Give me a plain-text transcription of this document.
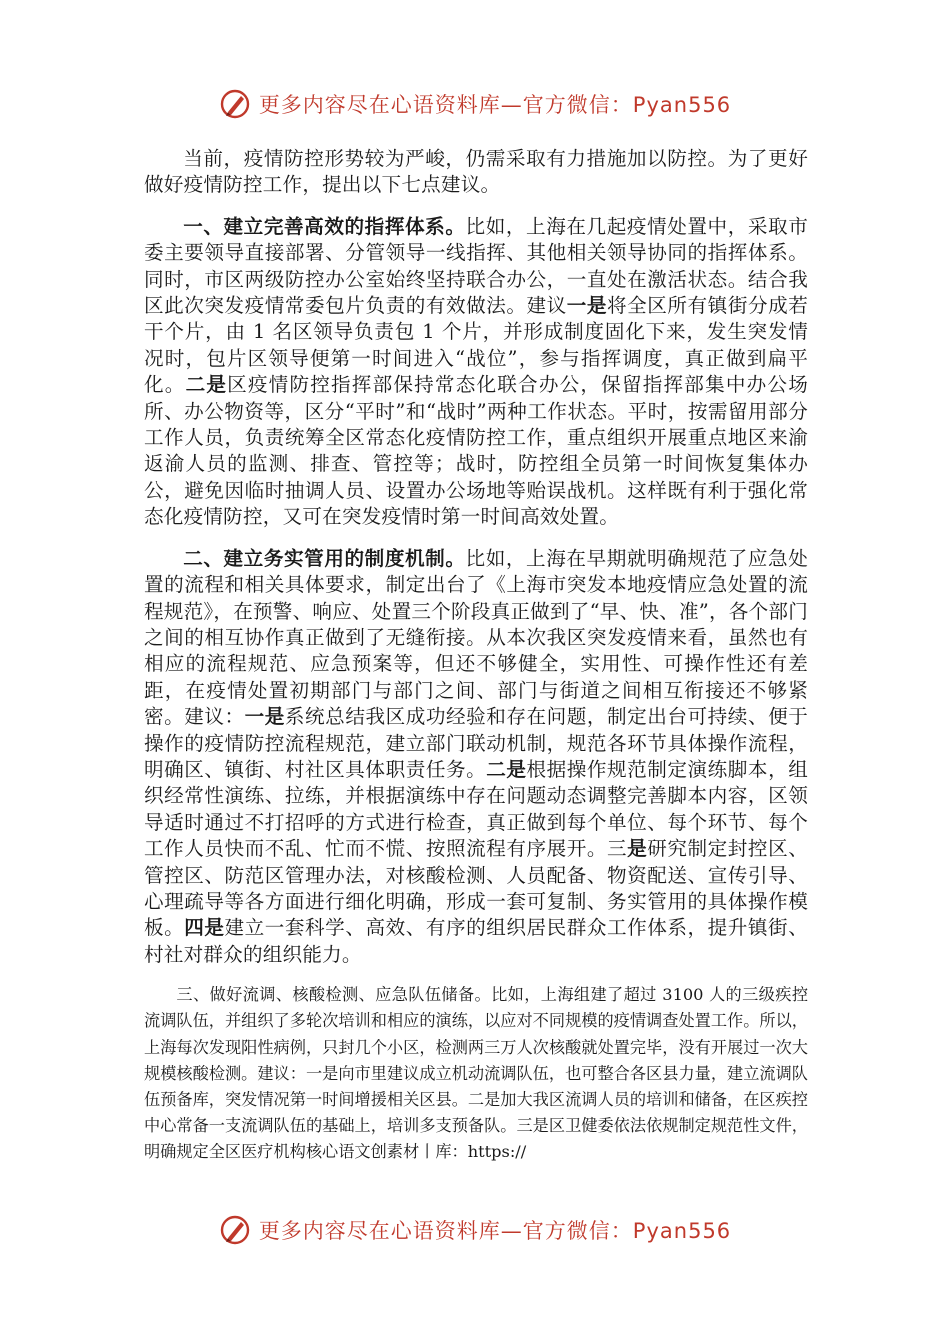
更多内容尽在心语资料库—官方微信：Pyan556

当前，疫情防控形势较为严峻，仍需采取有力措施加以防控。为了更好做好疫情防控工作，提出以下七点建议。

一、建立完善高效的指挥体系。比如，上海在几起疫情处置中，采取市委主要领导直接部署、分管领导一线指挥、其他相关领导协同的指挥体系。同时，市区两级防控办公室始终坚持联合办公，一直处在激活状态。结合我区此次突发疫情常委包片负责的有效做法。建议一是将全区所有镇街分成若干个片，由 1 名区领导负责包 1 个片，并形成制度固化下来，发生突发情况时，包片区领导便第一时间进入“战位”，参与指挥调度，真正做到扁平化。二是区疫情防控指挥部保持常态化联合办公，保留指挥部集中办公场所、办公物资等，区分“平时”和“战时”两种工作状态。平时，按需留用部分工作人员，负责统筹全区常态化疫情防控工作，重点组织开展重点地区来渝返渝人员的监测、排查、管控等；战时，防控组全员第一时间恢复集体办公，避免因临时抽调人员、设置办公场地等贻误战机。这样既有利于强化常态化疫情防控，又可在突发疫情时第一时间高效处置。

二、建立务实管用的制度机制。比如，上海在早期就明确规范了应急处置的流程和相关具体要求，制定出台了《上海市突发本地疫情应急处置的流程规范》，在预警、响应、处置三个阶段真正做到了“早、快、准”，各个部门之间的相互协作真正做到了无缝衔接。从本次我区突发疫情来看，虽然也有相应的流程规范、应急预案等，但还不够健全，实用性、可操作性还有差距，在疫情处置初期部门与部门之间、部门与街道之间相互衔接还不够紧密。建议：一是系统总结我区成功经验和存在问题，制定出台可持续、便于操作的疫情防控流程规范，建立部门联动机制，规范各环节具体操作流程，明确区、镇街、村社区具体职责任务。二是根据操作规范制定演练脚本，组织经常性演练、拉练，并根据演练中存在问题动态调整完善脚本内容，区领导适时通过不打招呼的方式进行检查，真正做到每个单位、每个环节、每个工作人员快而不乱、忙而不慌、按照流程有序展开。三是研究制定封控区、管控区、防范区管理办法，对核酸检测、人员配备、物资配送、宣传引导、心理疏导等各方面进行细化明确，形成一套可复制、务实管用的具体操作模板。四是建立一套科学、高效、有序的组织居民群众工作体系，提升镇街、村社对群众的组织能力。

三、做好流调、核酸检测、应急队伍储备。比如，上海组建了超过 3100 人的三级疾控流调队伍，并组织了多轮次培训和相应的演练，以应对不同规模的疫情调查处置工作。所以，上海每次发现阳性病例，只封几个小区，检测两三万人次核酸就处置完毕，没有开展过一次大规模核酸检测。建议：一是向市里建议成立机动流调队伍，也可整合各区县力量，建立流调队伍预备库，突发情况第一时间增援相关区县。二是加大我区流调人员的培训和储备，在区疾控中心常备一支流调队伍的基础上，培训多支预备队。三是区卫健委依法依规制定规范性文件，明确规定全区医疗机构核心语文创素材丨库：https://

更多内容尽在心语资料库—官方微信：Pyan556
